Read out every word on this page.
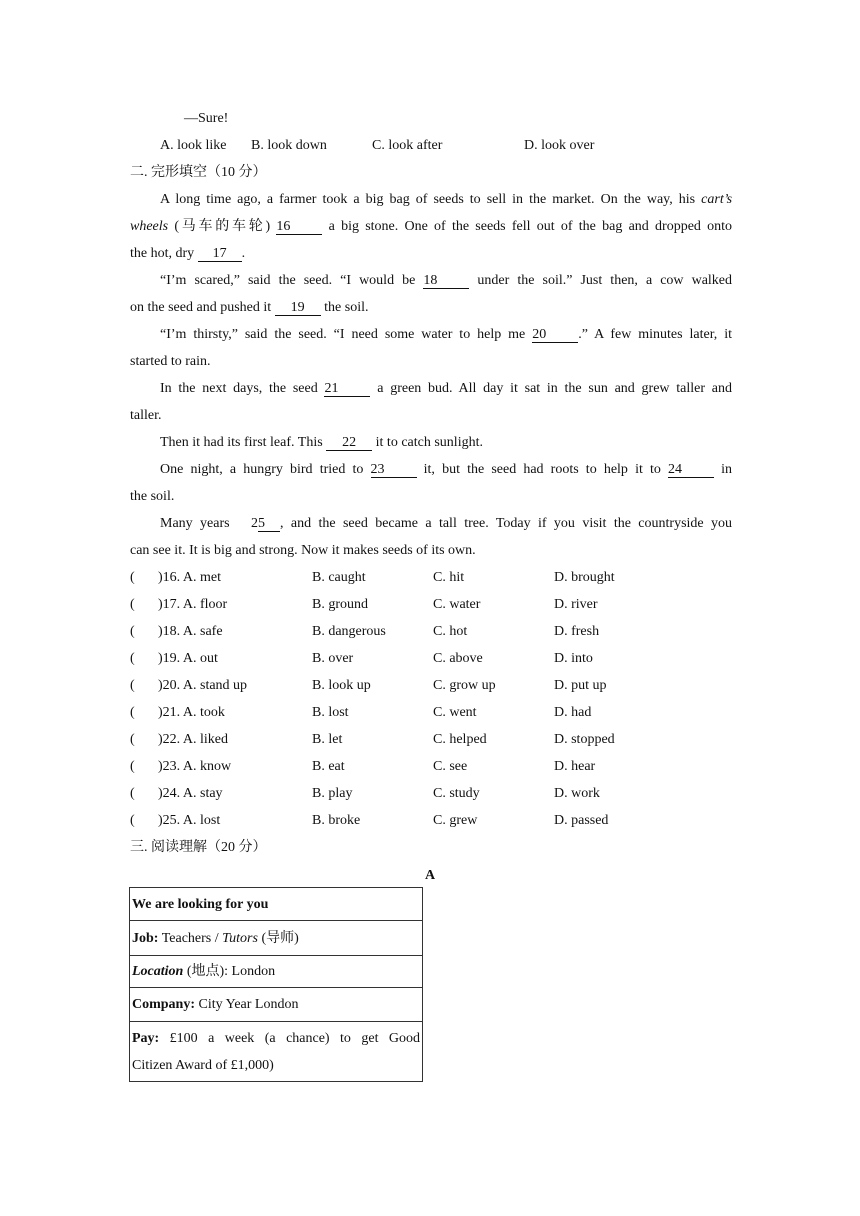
—Sure!
A. look like B. look down	C. look after	D. look over
二. 完形填空（10 分）
A long time ago, a farmer took a big bag of seeds to sell in the market. On the way, his cart’s
wheels (马车的车轮) 16	a big stone. One of the seeds fell out of the bag and dropped onto
the hot, dry 17 .
“I’m scared,” said the seed. “I would be 18	under the soil.” Just then, a cow walked
on the seed and pushed it 19 the soil.
“I’m thirsty,” said the seed. “I need some water to help me 20 .” A few minutes later, it
started to rain.
In the next days, the seed 21	a green bud. All day it sat in the sun and grew taller and
taller.
Then it had its first leaf. This 22 it to catch sunlight.
One night, a hungry bird tried to 23	it, but the seed had roots to help it to 24	in
the soil.
Many years 25 , and the seed became a tall tree. Today if you visit the countryside you
can see it. It is big and strong. Now it makes seeds of its own.
( )16. A. met	B. caught	C. hit	D. brought
( )17. A. floor	B. ground	C. water	D. river
( )18. A. safe	B. dangerous	C. hot	D. fresh
( )19. A. out	B. over	C. above	D. into
( )20. A. stand up	B. look up	C. grow up	D. put up
( )21. A. took	B. lost	C. went	D. had
( )22. A. liked	B. let	C. helped	D. stopped
( )23. A. know	B. eat	C. see	D. hear
( )24. A. stay	B. play	C. study	D. work
( )25. A. lost	B. broke	C. grew	D. passed
三. 阅读理解（20 分）
A
We are looking for you
Job: Teachers / Tutors (导师)
Location (地点): London
Company: City Year London

Pay: £100 a week (a chance) to get Good
Citizen Award of £1,000)
